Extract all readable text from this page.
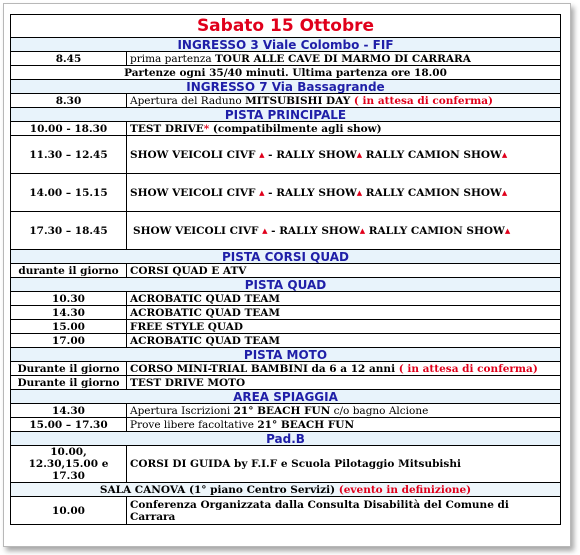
Sabato 15 Ottobre	
INGRESSO 3 Viale Colombo - FIF	
8.45	prima partenza TOUR ALLE CAVE DI MARMO DI CARRARA
Partenze ogni 35/40 minuti. Ultima partenza ore 18.00	
INGRESSO 7 Via Bassagrande	
8.30	Apertura del Raduno MITSUBISHI DAY ( in attesa di conferma)
PISTA PRINCIPALE	
10.00 - 18.30	TEST DRIVE* (compatibilmente agli show)
11.30 – 12.45	SHOW VEICOLI CIVF ▲ - RALLY SHOW▲ RALLY CAMION SHOW▲
14.00 – 15.15	SHOW VEICOLI CIVF ▲ - RALLY SHOW▲ RALLY CAMION SHOW▲
17.30 – 18.45	SHOW VEICOLI CIVF ▲ - RALLY SHOW▲ RALLY CAMION SHOW▲
PISTA CORSI QUAD	
durante il giorno	CORSI QUAD E ATV
PISTA QUAD	
10.30	ACROBATIC QUAD TEAM
14.30	ACROBATIC QUAD TEAM
15.00	FREE STYLE QUAD
17.00	ACROBATIC QUAD TEAM
PISTA MOTO	
Durante il giorno	CORSO MINI-TRIAL BAMBINI da 6 a 12 anni ( in attesa di conferma)
Durante il giorno	TEST DRIVE MOTO
AREA SPIAGGIA	
14.30	Apertura Iscrizioni 21° BEACH FUN c/o bagno Alcione
15.00 – 17.30	Prove libere facoltative 21° BEACH FUN
Pad.B	
10.00, 12.30,15.00 e 17.30	CORSI DI GUIDA by F.I.F e Scuola Pilotaggio Mitsubishi
SALA CANOVA (1° piano Centro Servizi) (evento in definizione)	
10.00	Conferenza Organizzata dalla Consulta Disabilità del Comune di Carrara
